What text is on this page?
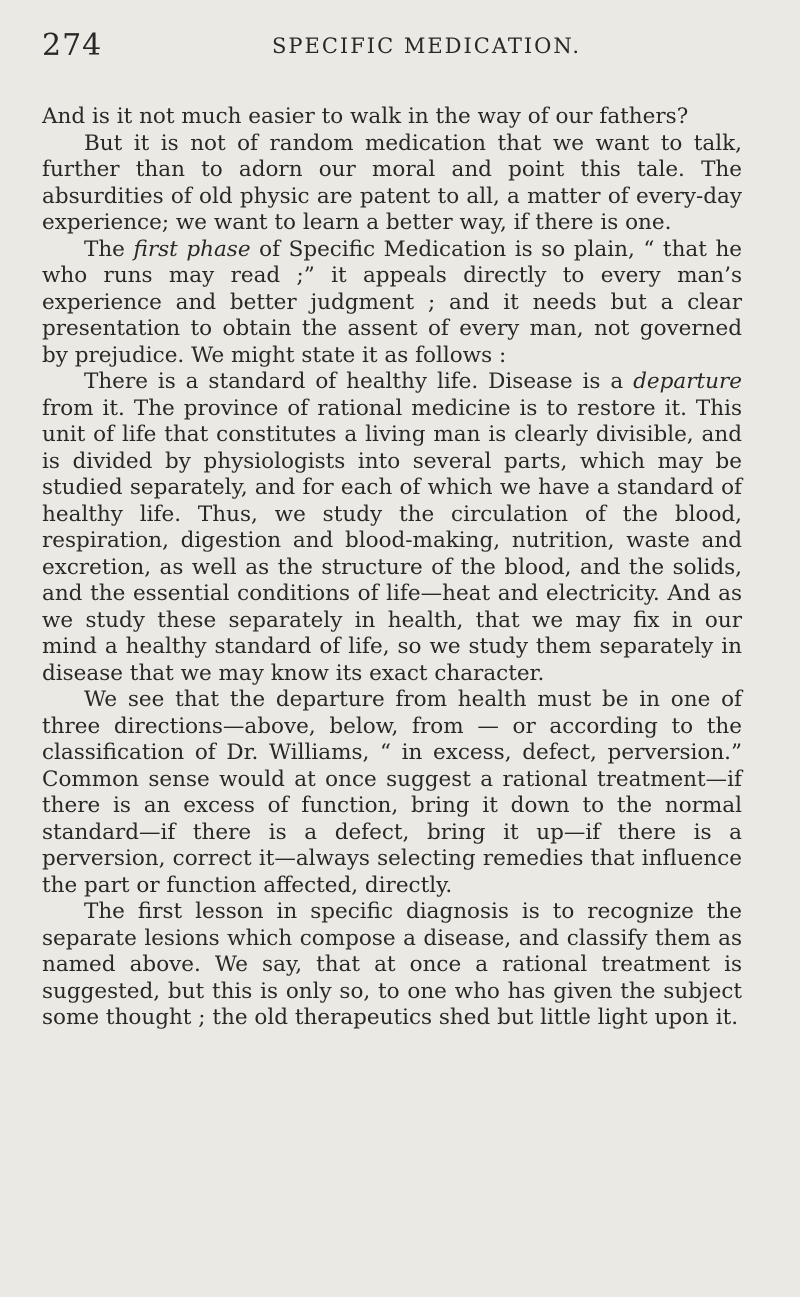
274	SPECIFIC MEDICATION.

And is it not much easier to walk in the way of our fathers?

But it is not of random medication that we want to talk, further than to adorn our moral and point this tale. The absurdities of old physic are patent to all, a matter of every-day experience; we want to learn a better way, if there is one.

The first phase of Specific Medication is so plain, “ that he who runs may read ;” it appeals directly to every man’s experience and better judgment ; and it needs but a clear presentation to obtain the assent of every man, not governed by prejudice. We might state it as follows :

There is a standard of healthy life. Disease is a departure from it. The province of rational medicine is to restore it. This unit of life that constitutes a living man is clearly divisible, and is divided by physiologists into several parts, which may be studied separately, and for each of which we have a standard of healthy life. Thus, we study the circulation of the blood, respiration, digestion and blood-making, nutrition, waste and excretion, as well as the structure of the blood, and the solids, and the essential conditions of life—heat and electricity. And as we study these separately in health, that we may fix in our mind a healthy standard of life, so we study them separately in disease that we may know its exact character.

We see that the departure from health must be in one of three directions—above, below, from — or according to the classification of Dr. Williams, “ in excess, defect, perversion.” Common sense would at once suggest a rational treatment—if there is an excess of function, bring it down to the normal standard—if there is a defect, bring it up—if there is a perversion, correct it—always selecting remedies that influence the part or function affected, directly.

The first lesson in specific diagnosis is to recognize the separate lesions which compose a disease, and classify them as named above. We say, that at once a rational treatment is suggested, but this is only so, to one who has given the subject some thought ; the old therapeutics shed but little light upon it.
